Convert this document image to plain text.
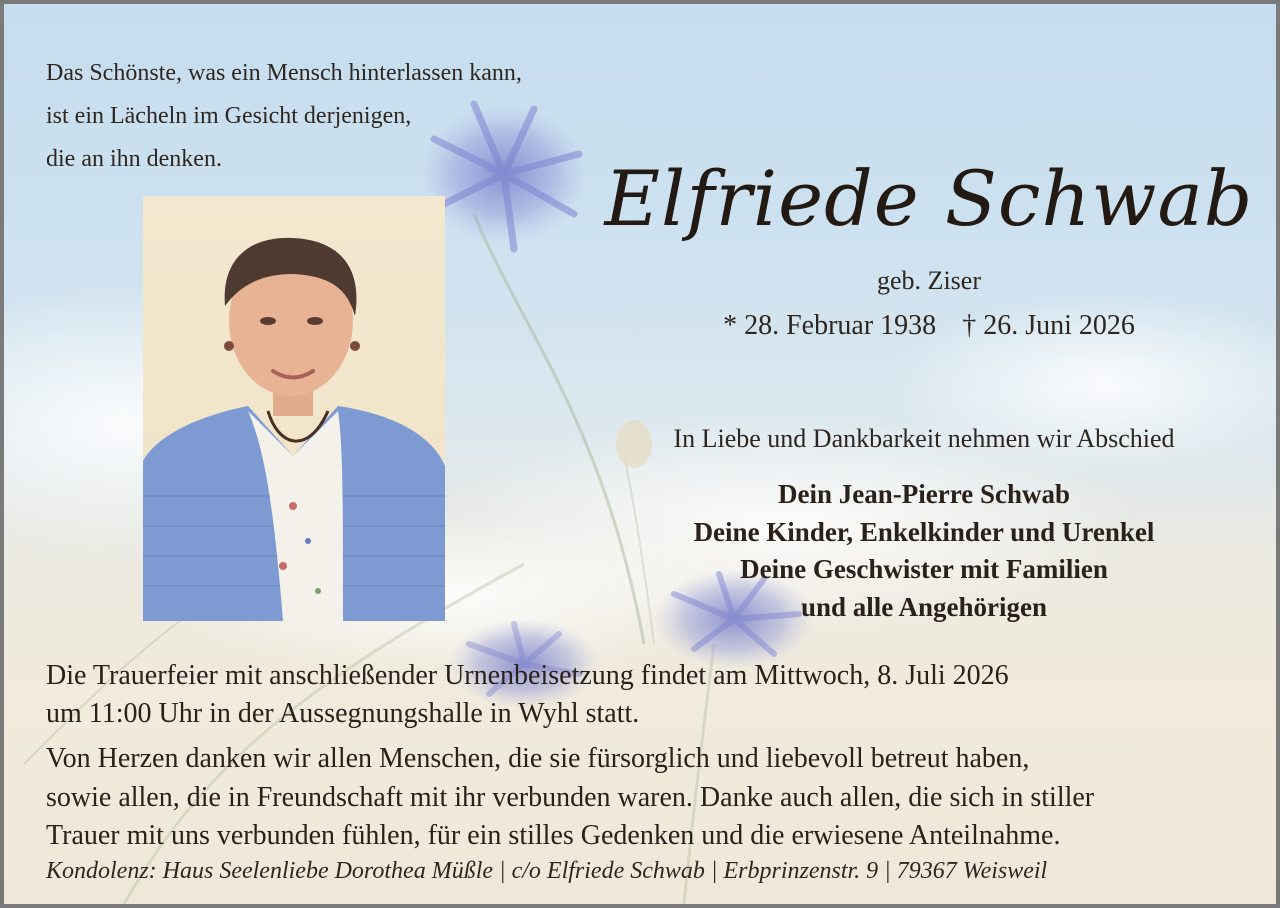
Das Schönste, was ein Mensch hinterlassen kann,
ist ein Lächeln im Gesicht derjenigen,
die an ihn denken.	Elfriede Schwab
geb. Ziser
* 28. Februar 1938 † 26. Juni 2026
In Liebe und Dankbarkeit nehmen wir Abschied
Dein Jean-Pierre Schwab
Deine Kinder, Enkelkinder und Urenkel
Deine Geschwister mit Familien
und alle Angehörigen
Die Trauerfeier mit anschließender Urnenbeisetzung findet am Mittwoch, 8. Juli 2026
um 11:00 Uhr in der Aussegnungshalle in Wyhl statt.
Von Herzen danken wir allen Menschen, die sie fürsorglich und liebevoll betreut haben,
sowie allen, die in Freundschaft mit ihr verbunden waren. Danke auch allen, die sich in stiller
Trauer mit uns verbunden fühlen, für ein stilles Gedenken und die erwiesene Anteilnahme.
Kondolenz: Haus Seelenliebe Dorothea Müßle | c/o Elfriede Schwab | Erbprinzenstr. 9 | 79367 Weisweil
